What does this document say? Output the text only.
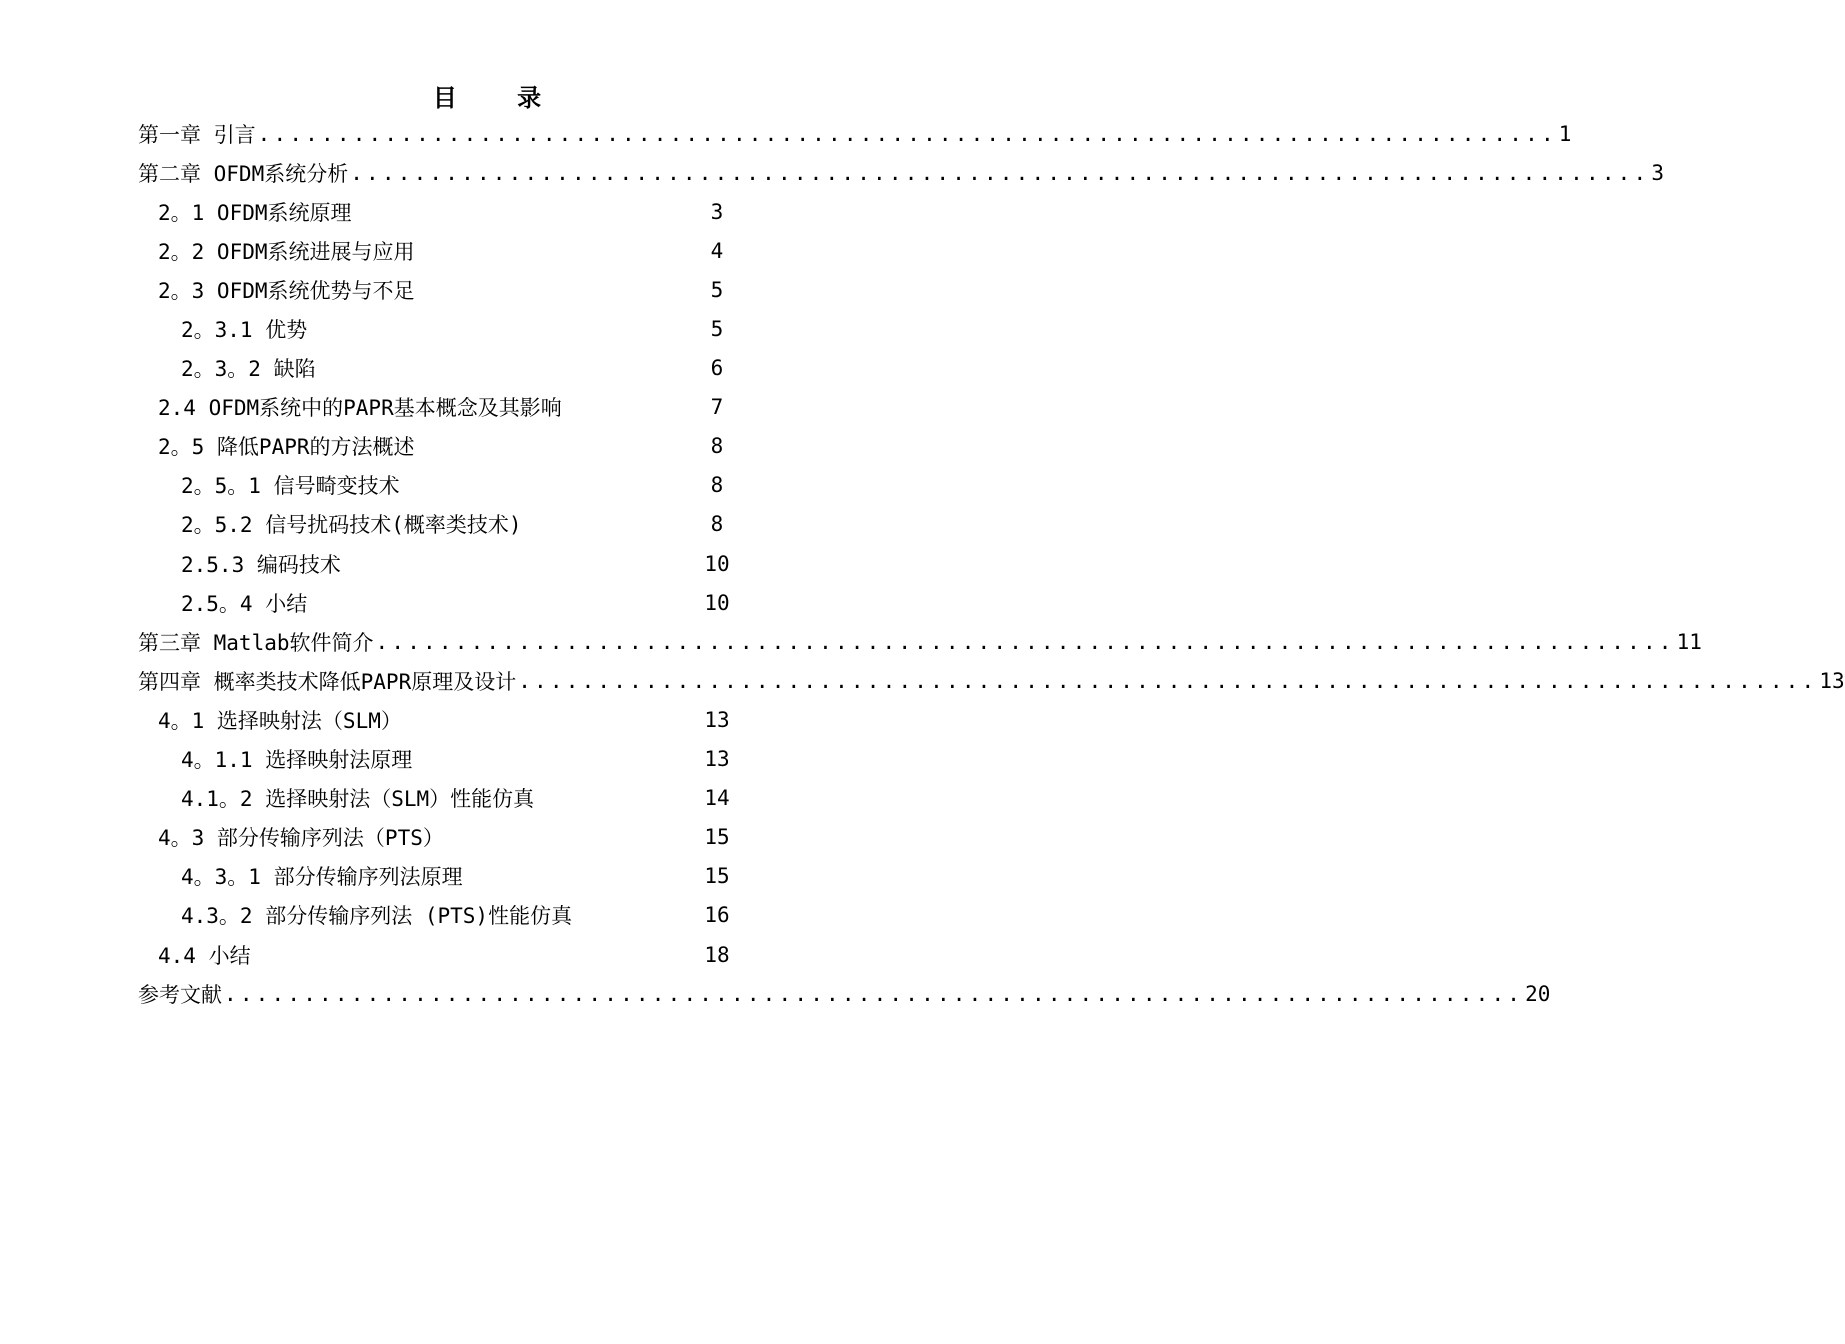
目 录
第一章 引言 .................................................................................. 1
第二章 OFDM系统分析 .................................................................................. 3
2。1 OFDM系统原理	3
2。2 OFDM系统进展与应用	4
2。3 OFDM系统优势与不足	5
2。3.1 优势	5
2。3。2 缺陷	6
2.4 OFDM系统中的PAPR基本概念及其影响	7
2。5 降低PAPR的方法概述	8
2。5。1 信号畸变技术	8
2。5.2 信号扰码技术(概率类技术)	8
2.5.3 编码技术	10
2.5。4 小结	10
第三章 Matlab软件简介 .................................................................................. 11
第四章 概率类技术降低PAPR原理及设计 .................................................................................. 13
4。1 选择映射法（SLM）	13
4。1.1 选择映射法原理	13
4.1。2 选择映射法（SLM）性能仿真	14
4。3 部分传输序列法（PTS）	15
4。3。1 部分传输序列法原理	15
4.3。2 部分传输序列法 (PTS)性能仿真	16
4.4 小结	18
参考文献 .................................................................................. 20
